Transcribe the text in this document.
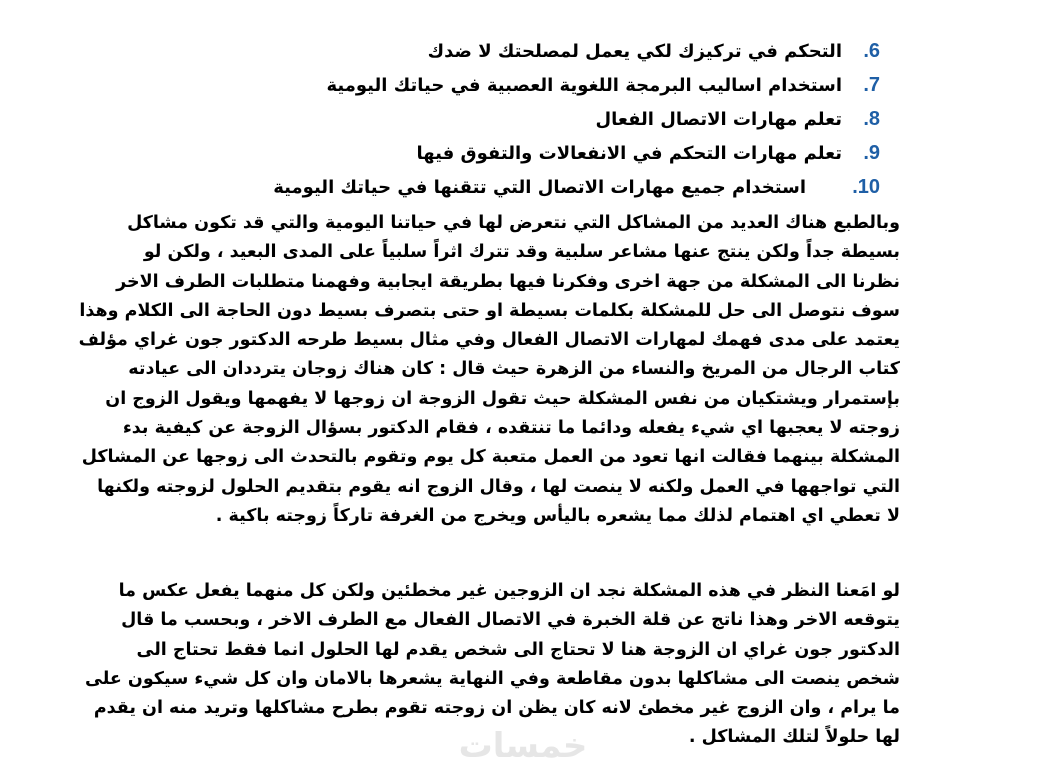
.6
التحكم في تركيزك لكي يعمل لمصلحتك لا ضدك
.7
استخدام اساليب البرمجة اللغوية العصبية في حياتك اليومية
.8
تعلم مهارات الاتصال الفعال
.9
تعلم مهارات التحكم في الانفعالات والتفوق فيها
.10
استخدام جميع مهارات الاتصال التي تتقنها في حياتك اليومية
وبالطبع هناك العديد من المشاكل التي نتعرض لها في حياتنا اليومية والتي قد تكون مشاكل
بسيطة جداً ولكن ينتج عنها مشاعر سلبية وقد تترك اثراً سلبياً على المدى البعيد ، ولكن لو
نظرنا الى المشكلة من جهة اخرى وفكرنا فيها بطريقة ايجابية وفهمنا متطلبات الطرف الاخر
سوف نتوصل الى حل للمشكلة بكلمات بسيطة او حتى بتصرف بسيط دون الحاجة الى الكلام وهذا
يعتمد على مدى فهمك لمهارات الاتصال الفعال وفي مثال بسيط طرحه الدكتور جون غراي مؤلف
كتاب الرجال من المريخ والنساء من الزهرة حيث قال : كان هناك زوجان يترددان الى عيادته
بإستمرار ويشتكيان من نفس المشكلة حيث تقول الزوجة ان زوجها لا يفهمها ويقول الزوج ان
زوجته لا يعجبها اي شيء يفعله ودائما ما تنتقده ، فقام الدكتور بسؤال الزوجة عن كيفية بدء
المشكلة بينهما فقالت انها تعود من العمل متعبة كل يوم وتقوم بالتحدث الى زوجها عن المشاكل
التي تواجهها في العمل ولكنه لا ينصت لها ، وقال الزوج انه يقوم بتقديم الحلول لزوجته ولكنها
لا تعطي اي اهتمام لذلك مما يشعره باليأس ويخرج من الغرفة تاركاً زوجته باكية .
لو امَعنا النظر في هذه المشكلة نجد ان الزوجين غير مخطئين ولكن كل منهما يفعل عكس ما
يتوقعه الاخر وهذا ناتج عن قلة الخبرة في الاتصال الفعال مع الطرف الاخر ، وبحسب ما قال
الدكتور جون غراي ان الزوجة هنا لا تحتاج الى شخص يقدم لها الحلول انما فقط تحتاج الى
شخص ينصت الى مشاكلها بدون مقاطعة وفي النهاية يشعرها بالامان وان كل شيء سيكون على
ما يرام ، وان الزوج غير مخطئ لانه كان يظن ان زوجته تقوم بطرح مشاكلها وتريد منه ان يقدم
لها حلولاً لتلك المشاكل .
خمسات
